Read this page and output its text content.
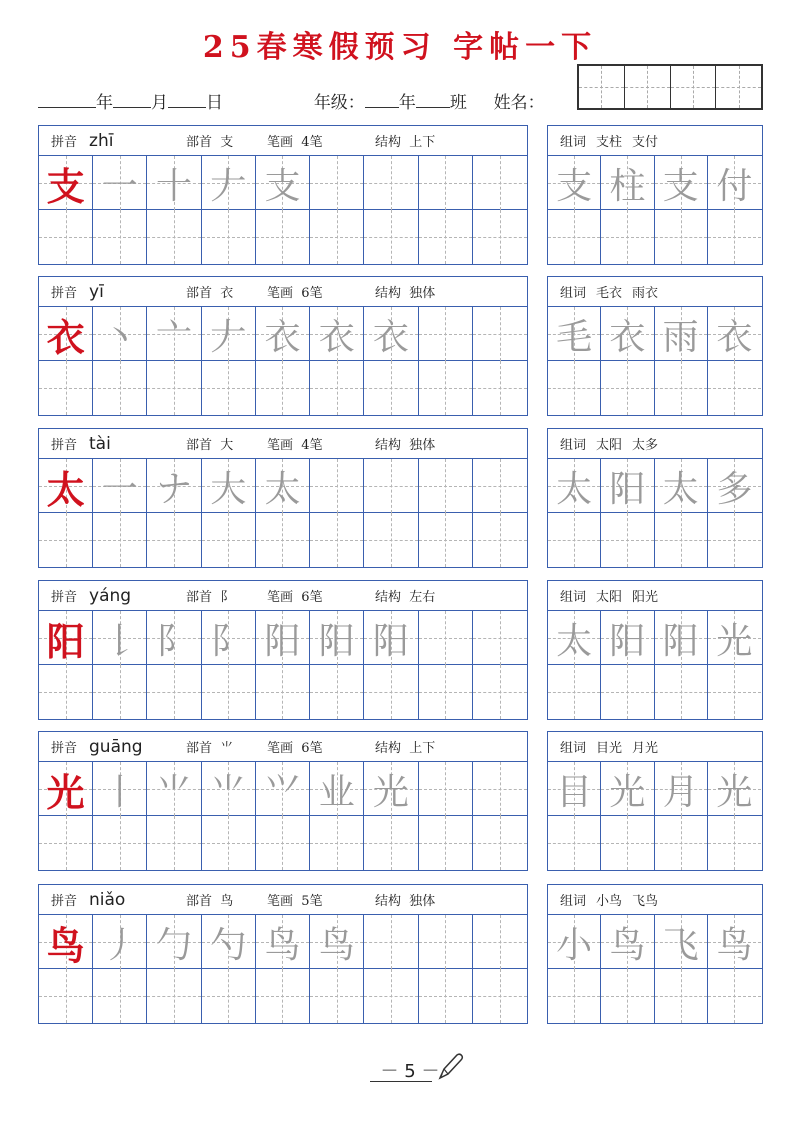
25春寒假预习 字帖一下
年 月 日	年级： 年 班 姓名：
拼音 zhī	部首 支	笔画 4笔	结构 上下
支 一 十 𠂇 支
组词 支柱 支付
支 柱 支 付
拼音 yī	部首 衣	笔画 6笔	结构 独体
衣 丶 亠 𠂇 衣 衣 衣
组词 毛衣 雨衣
毛 衣 雨 衣
拼音 tài	部首 大	笔画 4笔	结构 独体
太 一 ナ 大 太
组词 太阳 太多
太 阳 太 多
拼音 yáng	部首 阝	笔画 6笔	结构 左右
阳 𠄌 阝 阝 阳 阳 阳
组词 太阳 阳光
太 阳 阳 光
拼音 guāng	部首 ⺌	笔画 6笔	结构 上下
光 丨 ⺌ ⺌ ⺍ 业 光
组词 目光 月光
目 光 月 光
拼音 niǎo	部首 鸟	笔画 5笔	结构 独体
鸟 丿 勹 勺 鸟 鸟
组词 小鸟 飞鸟
小 鸟 飞 鸟
－ 5 －
